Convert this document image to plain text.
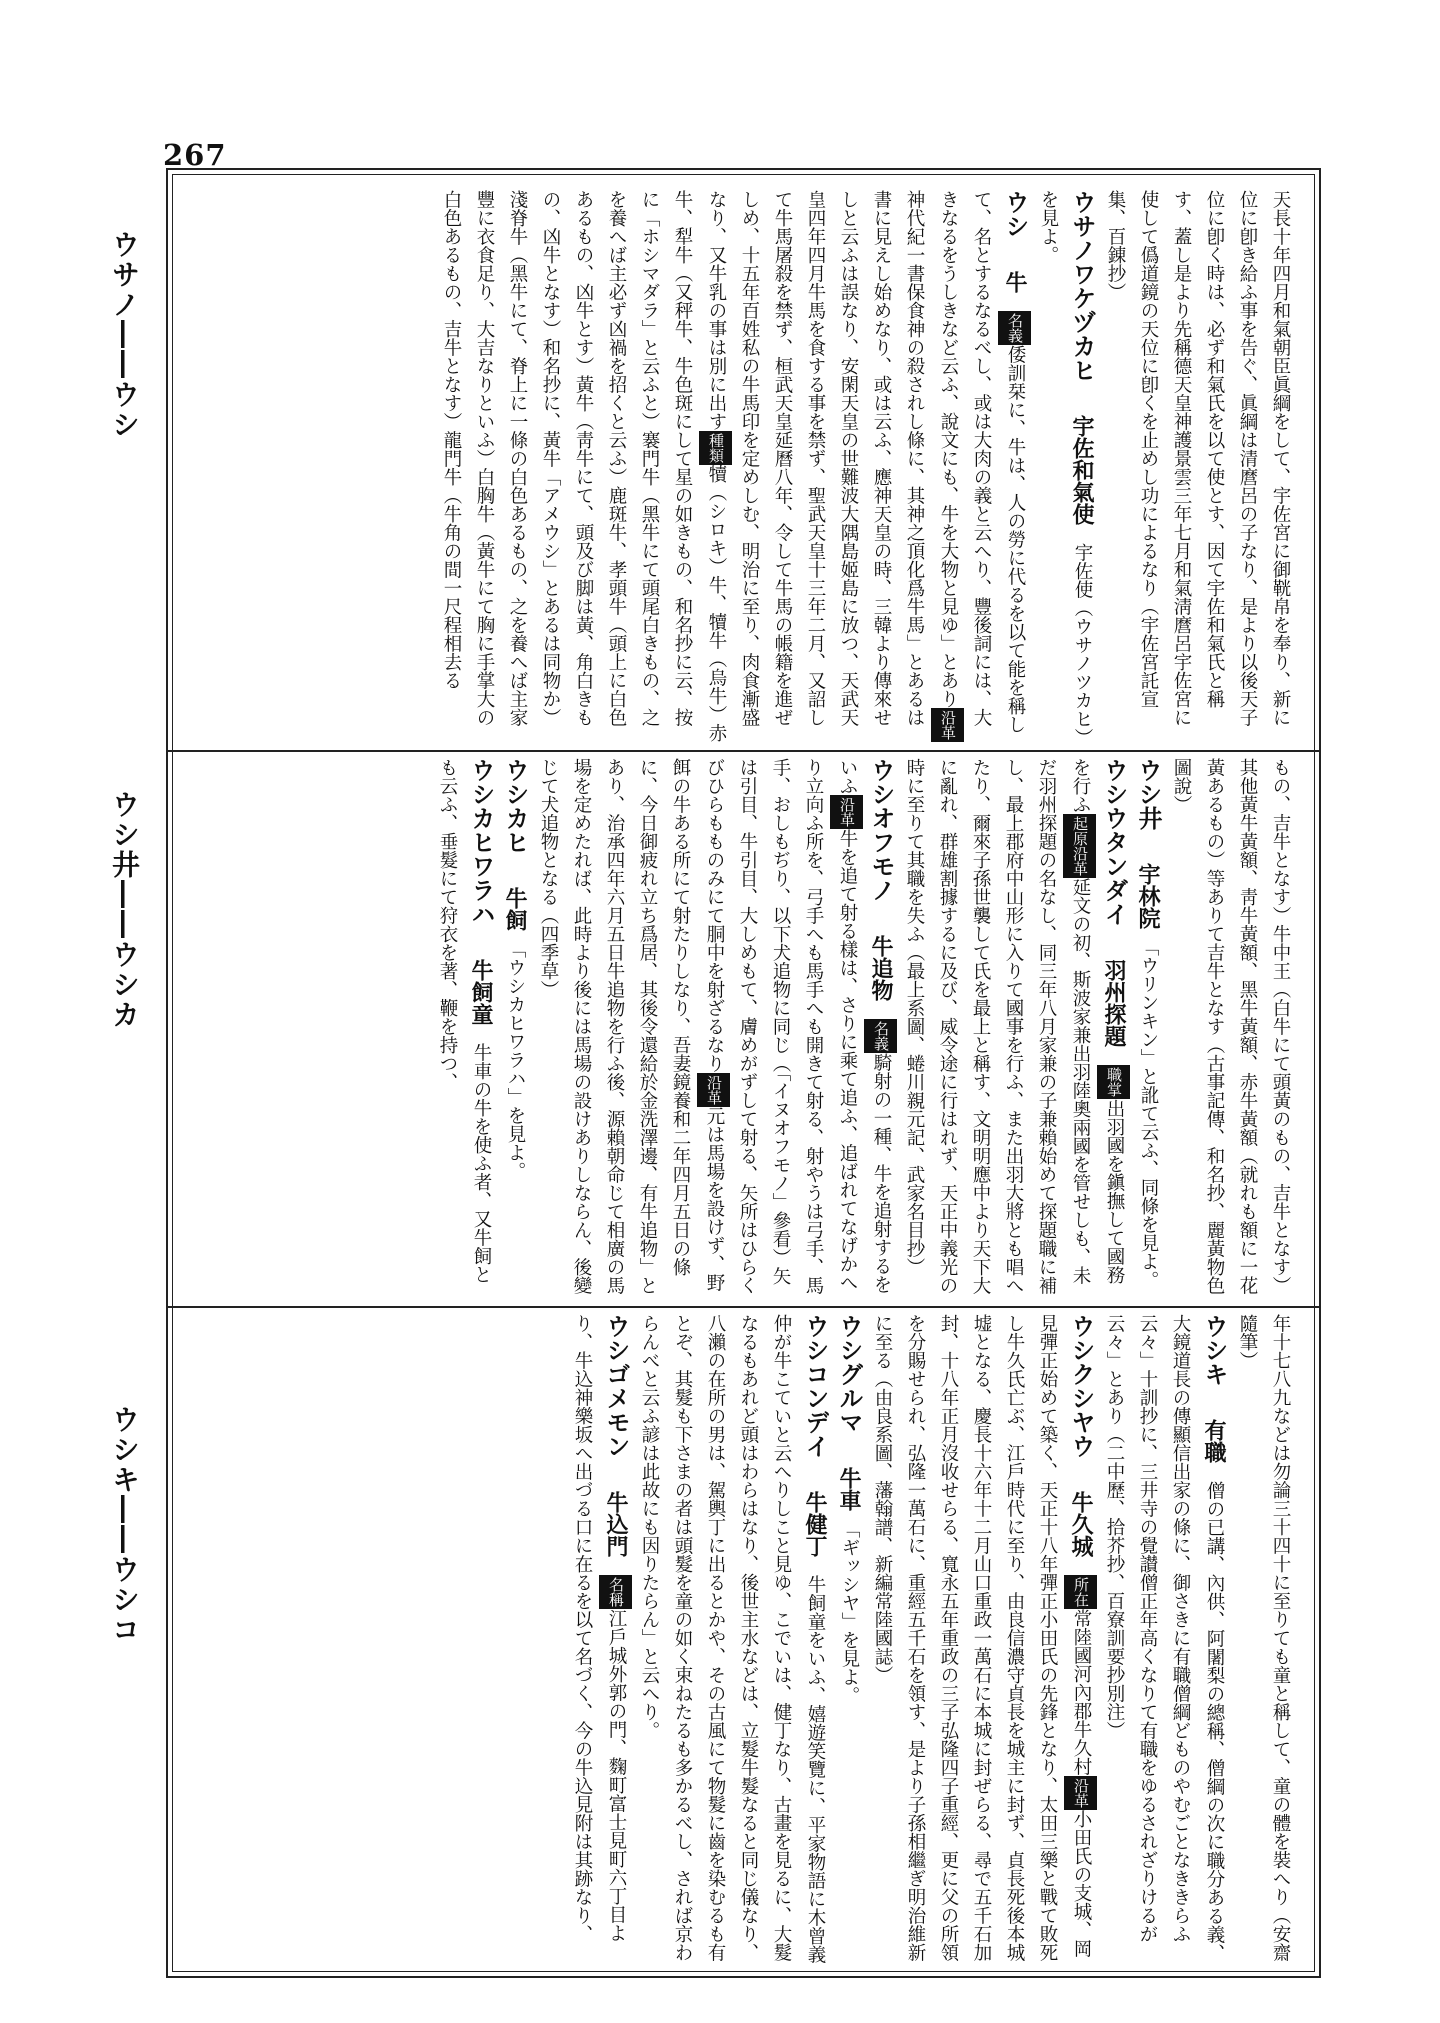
267
ウサノ――ウシ
ウシ井――ウシカ
ウシキ――ウシコ

天長十年四月和氣朝臣眞綱をして、宇佐宮に御𩊠帛を奉り、新に位に卽き給ふ事を告ぐ、眞綱は清麿呂の子なり、是より以後天子位に卽く時は、必ず和氣氏を以て使とす、因て宇佐和氣氏と稱す、蓋し是より先稱德天皇神護景雲三年七月和氣淸麿呂宇佐宮に使して僞道鏡の天位に卽くを止めし功によるなり（宇佐宮託宣集、百錬抄）

ウサノワケヅカヒ　宇佐和氣使　宇佐使（ウサノツカヒ）を見よ。

ウシ　牛　名義倭訓栞に、牛は、人の勞に代るを以て能を稱して、名とするなるべし、或は大肉の義と云へり、豐後詞には、大きなるをうしきなど云ふ、說文にも、牛を大物と見ゆ」とあり沿革神代紀一書保食神の殺されし條に、其神之頂化爲牛馬」とあるは書に見えし始めなり、或は云ふ、應神天皇の時、三韓より傳來せしと云ふは誤なり、安閑天皇の世難波大隅島姬島に放つ、天武天皇四年四月牛馬を食する事を禁ず、聖武天皇十三年二月、又詔して牛馬屠殺を禁ず、桓武天皇延曆八年、令して牛馬の帳籍を進ぜしめ、十五年百姓私の牛馬印を定めしむ、明治に至り、肉食漸盛なり、又牛乳の事は別に出す種類犢（シロキ）牛、犢牛（烏牛）赤牛、犁牛（又秤牛、牛色斑にして星の如きもの、和名抄に云、按に「ホシマダラ」と云ふと）褰門牛（黑牛にて頭尾白きもの、之を養へば主必ず凶禍を招くと云ふ）鹿斑牛、孝頭牛（頭上に白色あるもの、凶牛とす）黃牛（靑牛にて、頭及び脚は黃、角白きもの、凶牛となす）和名抄に、黃牛「アメウシ」とあるは同物か）淺脊牛（黑牛にて、脊上に一條の白色あるもの、之を養へば主家豐に衣食足り、大吉なりといふ）白胸牛（黃牛にて胸に手掌大の白色あるもの、吉牛となす）龍門牛（牛角の間一尺程相去る

もの、吉牛となす）牛中王（白牛にて頭黃のもの、吉牛となす）其他黃牛黃額、靑牛黃額、黑牛黃額、赤牛黃額（就れも額に一花黃あるもの）等ありて吉牛となす（古事記傳、和名抄、麗黃物色圖說）

ウシ井　宇林院　「ウリンキン」と訛て云ふ、同條を見よ。

ウシウタンダイ　羽州探題　職掌出羽國を鎭撫して國務を行ふ起原沿革延文の初、斯波家兼出羽陸奧兩國を管せしも、未だ羽州探題の名なし、同三年八月家兼の子兼賴始めて探題職に補し、最上郡府中山形に入りて國事を行ふ、また出羽大將とも唱へたり、爾來子孫世襲して氏を最上と稱す、文明明應中より天下大に亂れ、群雄割據するに及び、威令途に行はれず、天正中義光の時に至りて其職を失ふ（最上系圖、蜷川親元記、武家名目抄）

ウシオフモノ　牛追物　名義騎射の一種、牛を追射するをいふ沿革牛を追て射る樣は、さりに乘て追ふ、追ばれてなげかへり立向ふ所を、弓手へも馬手へも開きて射る、射やうは弓手、馬手、おしもぢり、以下犬追物に同じ（「イヌオフモノ」參看）矢は引目、牛引目、大しめもて、膚めがずして射る、矢所はひらくびひらもものみにて胴中を射ざるなり沿革元は馬場を設けず、野餌の牛ある所にて射たりしなり、吾妻鏡養和二年四月五日の條に、今日御疲れ立ち爲居、其後令還給於金洗澤邊、有牛追物」とあり、治承四年六月五日牛追物を行ふ後、源賴朝命じて相廣の馬場を定めたれば、此時より後には馬場の設けありしならん、後變じて犬追物となる（四季草）

ウシカヒ　牛飼　「ウシカヒワラハ」を見よ。

ウシカヒワラハ　牛飼童　牛車の牛を使ふ者、又牛飼とも云ふ、垂髮にて狩衣を著、鞭を持つ、

年十七八九などは勿論三十四十に至りても童と稱して、童の體を裝へり（安齋隨筆）

ウシキ　有職　僧の已講、內供、阿闍梨の總稱、僧綱の次に職分ある義、大鏡道長の傳顯信出家の條に、御さきに有職僧綱どものやむごとなききらふ云々」十訓抄に、三井寺の覺讃僧正年高くなりて有職をゆるされざりけるが云々」とあり（二中歷、拾芥抄、百寮訓要抄別注）

ウシクシヤウ　牛久城　所在常陸國河內郡牛久村沿革小田氏の支城、岡見彈正始めて築く、天正十八年彈正小田氏の先鋒となり、太田三樂と戰て敗死し牛久氏亡ぶ、江戶時代に至り、由良信濃守貞長を城主に封ず、貞長死後本城墟となる、慶長十六年十二月山口重政一萬石に本城に封ぜらる、尋で五千石加封、十八年正月沒收せらる、寬永五年重政の三子弘隆四子重經、更に父の所領を分賜せられ、弘隆一萬石に、重經五千石を領す、是より子孫相繼ぎ明治維新に至る（由良系圖、藩翰譜、新編常陸國誌）

ウシグルマ　牛車　「ギッシヤ」を見よ。

ウシコンデイ　牛健丁　牛飼童をいふ、嬉遊笑覽に、平家物語に木曾義仲が牛こていと云へりしこと見ゆ、こでいは、健丁なり、古畫を見るに、大髮なるもあれど頭はわらはなり、後世主水などは、立髮牛髮なると同じ儀なり、八瀨の在所の男は、駕輿丁に出るとかや、その古風にて物髮に齒を染むるも有とぞ、其髮も下さまの者は頭髮を童の如く束ねたるも多かるべし、されば京わらんべと云ふ諺は此故にも因りたらん」と云へり。

ウシゴメモン　牛込門　名稱江戶城外郭の門、麴町富士見町六丁目より、牛込神樂坂へ出づる口に在るを以て名づく、今の牛込見附は其跡なり、
